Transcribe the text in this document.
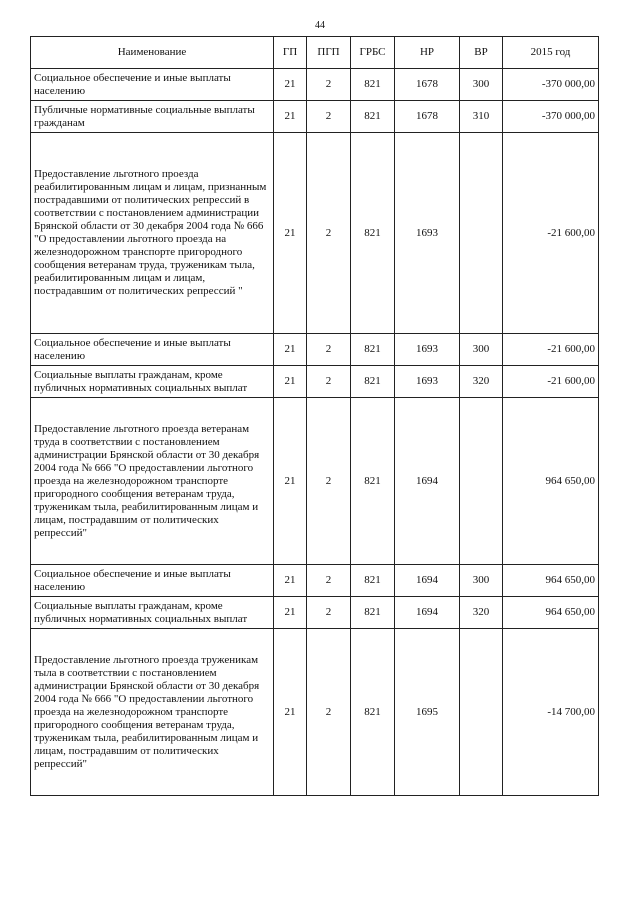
44
Наименование	ГП	ПГП	ГРБС	НР	ВР	2015 год
Социальное обеспечение и иные выплаты населению	21	2	821	1678	300	-370 000,00
Публичные нормативные социальные выплаты гражданам	21	2	821	1678	310	-370 000,00
Предоставление льготного проезда реабилитированным лицам и лицам, признанным пострадавшими от политических репрессий в соответствии с постановлением администрации Брянской области от 30 декабря 2004 года № 666 "О предоставлении льготного проезда на железнодорожном транспорте пригородного сообщения ветеранам труда, труженикам тыла, реабилитированным лицам и лицам, пострадавшим от политических репрессий "	21	2	821	1693		-21 600,00
Социальное обеспечение и иные выплаты населению	21	2	821	1693	300	-21 600,00
Социальные выплаты гражданам, кроме публичных нормативных социальных выплат	21	2	821	1693	320	-21 600,00
Предоставление льготного проезда ветеранам труда в соответствии с постановлением администрации Брянской области от 30 декабря 2004 года № 666 "О предоставлении льготного проезда на железнодорожном транспорте пригородного сообщения ветеранам труда, труженикам тыла, реабилитированным лицам и лицам, пострадавшим от политических репрессий"	21	2	821	1694		964 650,00
Социальное обеспечение и иные выплаты населению	21	2	821	1694	300	964 650,00
Социальные выплаты гражданам, кроме публичных нормативных социальных выплат	21	2	821	1694	320	964 650,00
Предоставление льготного проезда труженикам тыла в соответствии с постановлением администрации Брянской области от 30 декабря 2004 года № 666 "О предоставлении льготного проезда на железнодорожном транспорте пригородного сообщения ветеранам труда, труженикам тыла, реабилитированным лицам и лицам, пострадавшим от политических репрессий"	21	2	821	1695		-14 700,00
